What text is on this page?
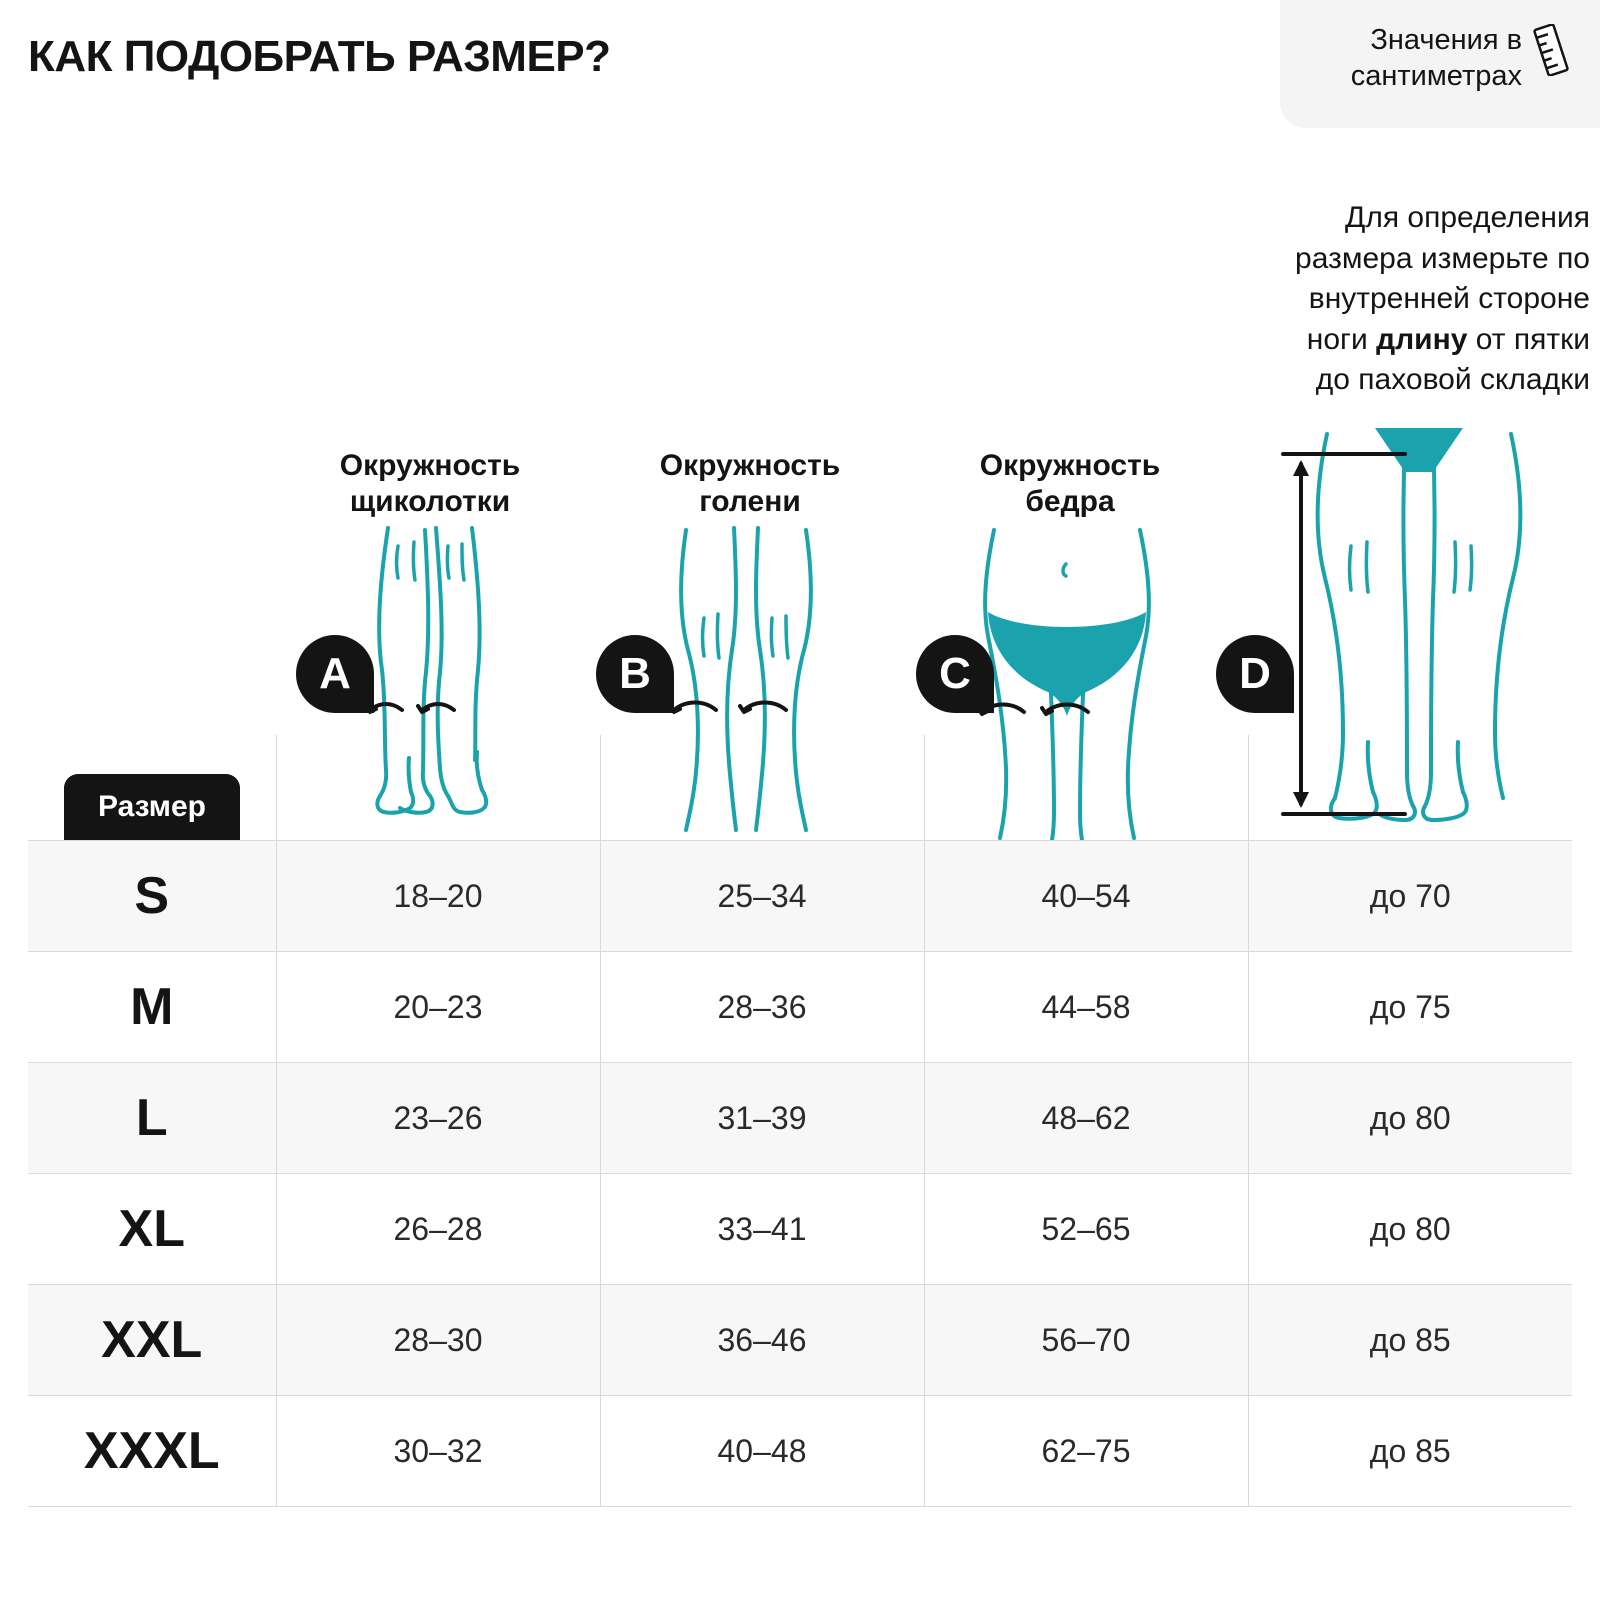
КАК ПОДОБРАТЬ РАЗМЕР?	Значения в сантиметрах
Для определения
размера измерьте по
внутренней стороне
ноги длину от пятки
до паховой складки
Окружность
щиколотки
Окружность
голени
Окружность
бедра
A	B	C	D
Размер				
S	18–20	25–34	40–54	до 70
M	20–23	28–36	44–58	до 75
L	23–26	31–39	48–62	до 80
XL	26–28	33–41	52–65	до 80
XXL	28–30	36–46	56–70	до 85
XXXL	30–32	40–48	62–75	до 85
